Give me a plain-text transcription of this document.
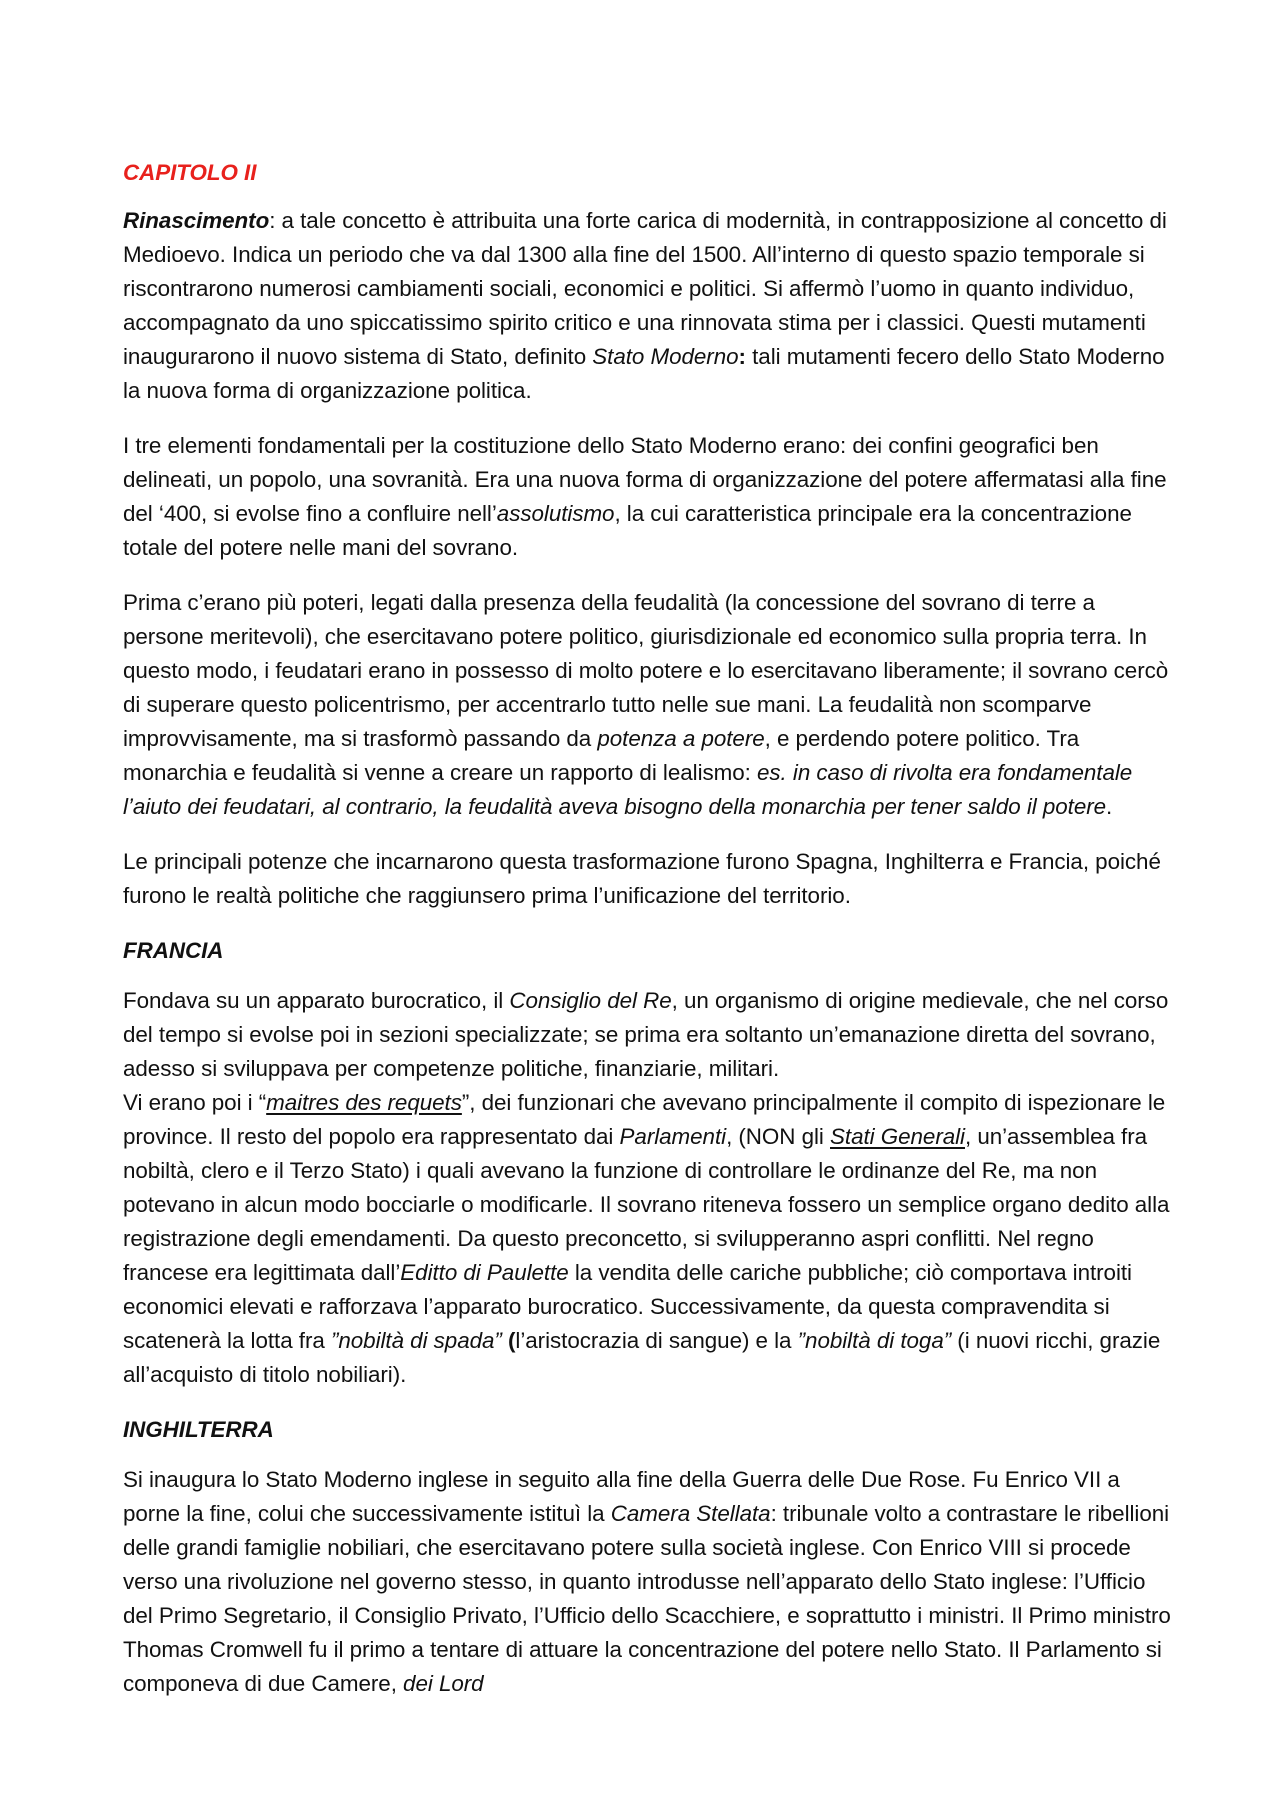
CAPITOLO II

Rinascimento: a tale concetto è attribuita una forte carica di modernità, in contrapposizione al concetto di Medioevo. Indica un periodo che va dal 1300 alla fine del 1500. All’interno di questo spazio temporale si riscontrarono numerosi cambiamenti sociali, economici e politici. Si affermò l’uomo in quanto individuo, accompagnato da uno spiccatissimo spirito critico e una rinnovata stima per i classici. Questi mutamenti inaugurarono il nuovo sistema di Stato, definito Stato Moderno: tali mutamenti fecero dello Stato Moderno la nuova forma di organizzazione politica.

I tre elementi fondamentali per la costituzione dello Stato Moderno erano: dei confini geografici ben delineati, un popolo, una sovranità. Era una nuova forma di organizzazione del potere affermatasi alla fine del ‘400, si evolse fino a confluire nell’assolutismo, la cui caratteristica principale era la concentrazione totale del potere nelle mani del sovrano.

Prima c’erano più poteri, legati dalla presenza della feudalità (la concessione del sovrano di terre a persone meritevoli), che esercitavano potere politico, giurisdizionale ed economico sulla propria terra. In questo modo, i feudatari erano in possesso di molto potere e lo esercitavano liberamente; il sovrano cercò di superare questo policentrismo, per accentrarlo tutto nelle sue mani. La feudalità non scomparve improvvisamente, ma si trasformò passando da potenza a potere, e perdendo potere politico. Tra monarchia e feudalità si venne a creare un rapporto di lealismo: es. in caso di rivolta era fondamentale l’aiuto dei feudatari, al contrario, la feudalità aveva bisogno della monarchia per tener saldo il potere.

Le principali potenze che incarnarono questa trasformazione furono Spagna, Inghilterra e Francia, poiché furono le realtà politiche che raggiunsero prima l’unificazione del territorio.

FRANCIA

Fondava su un apparato burocratico, il Consiglio del Re, un organismo di origine medievale, che nel corso del tempo si evolse poi in sezioni specializzate; se prima era soltanto un’emanazione diretta del sovrano, adesso si sviluppava per competenze politiche, finanziarie, militari.

Vi erano poi i “maitres des requets”, dei funzionari che avevano principalmente il compito di ispezionare le province. Il resto del popolo era rappresentato dai Parlamenti, (NON gli Stati Generali, un’assemblea fra nobiltà, clero e il Terzo Stato) i quali avevano la funzione di controllare le ordinanze del Re, ma non potevano in alcun modo bocciarle o modificarle. Il sovrano riteneva fossero un semplice organo dedito alla registrazione degli emendamenti. Da questo preconcetto, si svilupperanno aspri conflitti. Nel regno francese era legittimata dall’Editto di Paulette la vendita delle cariche pubbliche; ciò comportava introiti economici elevati e rafforzava l’apparato burocratico. Successivamente, da questa compravendita si scatenerà la lotta fra ”nobiltà di spada” (l’aristocrazia di sangue) e la ”nobiltà di toga” (i nuovi ricchi, grazie all’acquisto di titolo nobiliari).

INGHILTERRA

Si inaugura lo Stato Moderno inglese in seguito alla fine della Guerra delle Due Rose. Fu Enrico VII a porne la fine, colui che successivamente istituì la Camera Stellata: tribunale volto a contrastare le ribellioni delle grandi famiglie nobiliari, che esercitavano potere sulla società inglese. Con Enrico VIII si procede verso una rivoluzione nel governo stesso, in quanto introdusse nell’apparato dello Stato inglese: l’Ufficio del Primo Segretario, il Consiglio Privato, l’Ufficio dello Scacchiere, e soprattutto i ministri. Il Primo ministro Thomas Cromwell fu il primo a tentare di attuare la concentrazione del potere nello Stato. Il Parlamento si componeva di due Camere, dei Lord
